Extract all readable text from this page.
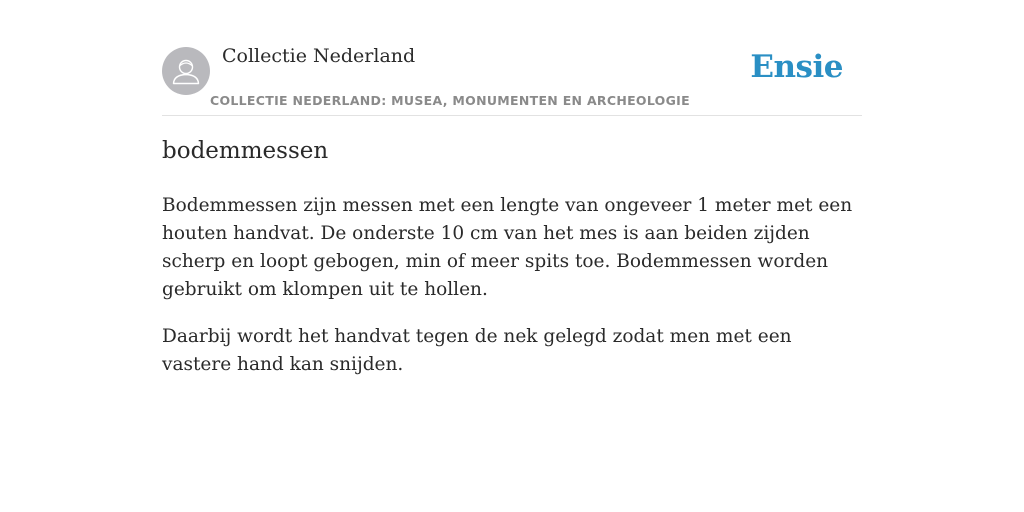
Collectie Nederland
COLLECTIE NEDERLAND: MUSEA, MONUMENTEN EN ARCHEOLOGIE
Ensie
bodemmessen

Bodemmessen zijn messen met een lengte van ongeveer 1 meter met een houten handvat. De onderste 10 cm van het mes is aan beiden zijden scherp en loopt gebogen, min of meer spits toe. Bodemmessen worden gebruikt om klompen uit te hollen.

Daarbij wordt het handvat tegen de nek gelegd zodat men met een vastere hand kan snijden.
